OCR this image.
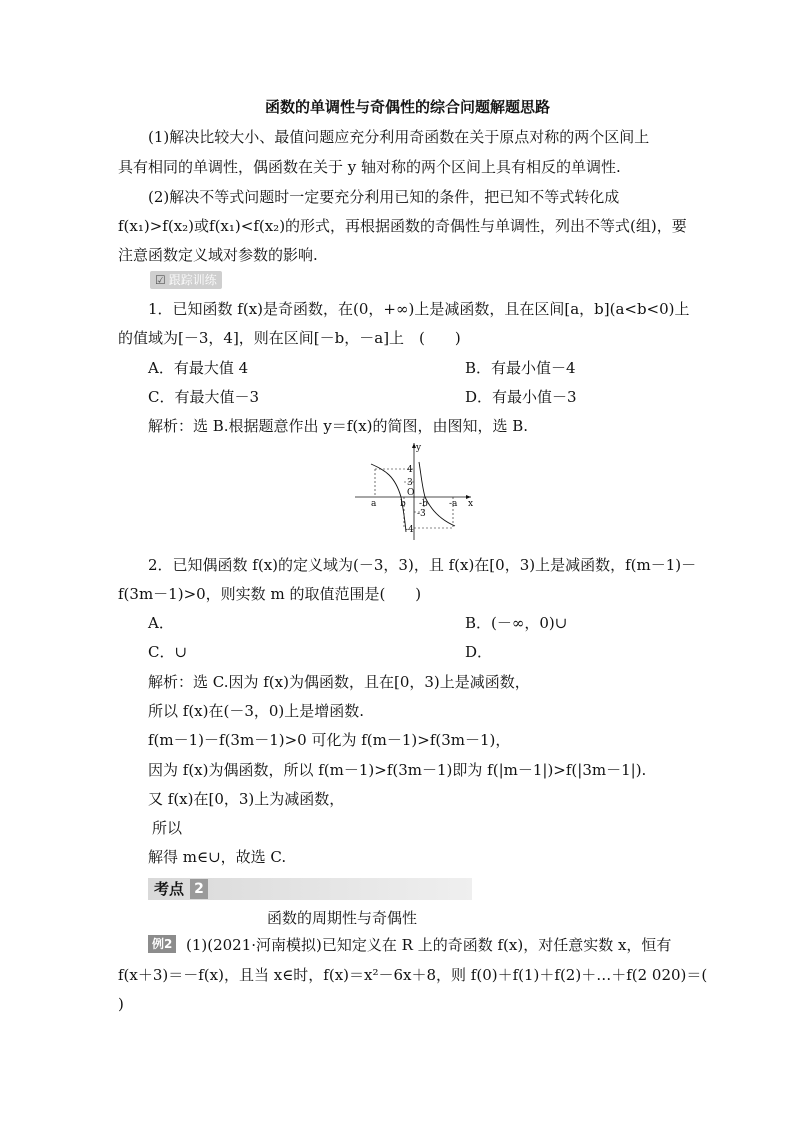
函数的单调性与奇偶性的综合问题解题思路
(1)解决比较大小、最值问题应充分利用奇函数在关于原点对称的两个区间上
具有相同的单调性，偶函数在关于 y 轴对称的两个区间上具有相反的单调性.
(2)解决不等式问题时一定要充分利用已知的条件，把已知不等式转化成
f(x₁)>f(x₂)或f(x₁)<f(x₂)的形式，再根据函数的奇偶性与单调性，列出不等式(组)，要
注意函数定义域对参数的影响.
☑ 跟踪训练
1．已知函数 f(x)是奇函数，在(0，+∞)上是减函数，且在区间[a，b](a<b<0)上
的值域为[－3，4]，则在区间[－b，－a]上　(　　)
A．有最大值 4	B．有最小值－4
C．有最大值－3	D．有最小值－3
解析：选 B.根据题意作出 y＝f(x)的简图，由图知，选 B.
y
x
O
4
3
-3
-4
a	b -b -a
2．已知偶函数 f(x)的定义域为(－3，3)，且 f(x)在[0，3)上是减函数，f(m－1)－
f(3m－1)>0，则实数 m 的取值范围是(　　)
A．	B．(－∞，0)∪
C．∪	D．
解析：选 C.因为 f(x)为偶函数，且在[0，3)上是减函数，
所以 f(x)在(－3，0)上是增函数.
f(m－1)－f(3m－1)>0 可化为 f(m－1)>f(3m－1)，
因为 f(x)为偶函数，所以 f(m－1)>f(3m－1)即为 f(|m－1|)>f(|3m－1|).
又 f(x)在[0，3)上为减函数，
所以
解得 m∈∪，故选 C.
考点 2
函数的周期性与奇偶性
例2 (1)(2021·河南模拟)已知定义在 R 上的奇函数 f(x)，对任意实数 x，恒有
f(x＋3)＝－f(x)，且当 x∈时，f(x)＝x²－6x＋8，则 f(0)＋f(1)＋f(2)＋…＋f(2 020)＝(
)
